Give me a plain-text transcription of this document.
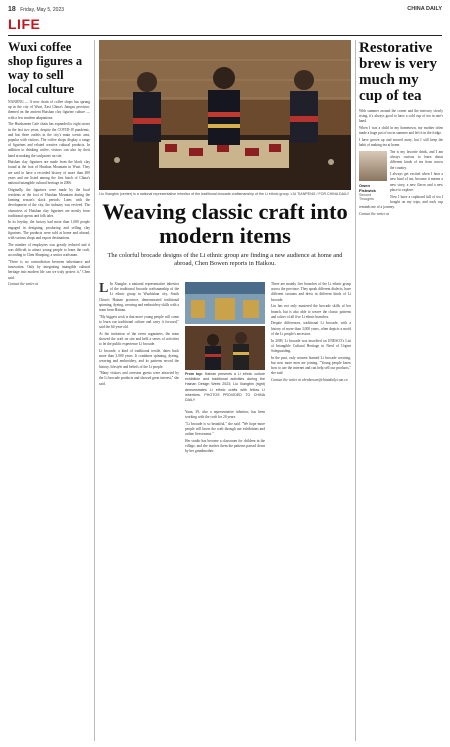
18 Friday, May 5, 2023	CHINA DAILY
LIFE
Wuxi coffee shop figures a way to sell local culture

NANJING — A new chain of coffee shops has sprung up in the city of Wuxi, East China's Jiangsu province, themed on the ancient Huishan clay figurine culture — with a few modern adaptations.

The Huishanren Cafe chain has expanded to eight stores in the last two years, despite the COVID-19 pandemic, and has three outlets in the city's main scenic area, popular with visitors. The coffee shops display a range of figurines and related creative cultural products. In addition to drinking coffee, visitors can also try their hand at making the sculptures on site.

Huishan clay figurines are made from the black clay found at the foot of Huishan Mountain in Wuxi. They are said to have a recorded history of more than 400 years and are listed among the first batch of China's national intangible cultural heritage in 2006.

Originally, the figurines were made by the local residents at the foot of Huishan Mountain during the farming season's slack periods. Later, with the development of the city, the industry was revived. The characters of Huishan clay figurines are mostly from traditional operas and folk tales.

In its heyday, the factory had more than 1,000 people engaged in designing, producing and selling clay figurines. The products were sold at home and abroad, with various shops and export destinations.

The number of employees was greatly reduced and it was difficult to attract young people to learn the craft, according to Chen Shaoping, a senior craftsman.

"There is no contradiction between inheritance and innovation. Only by integrating intangible cultural heritage into modern life can we truly protect it," Chen said.

Contact the writer at

Liu Xiangbin (center) is a national representative inheritor of the traditional brocade craftsmanship of the Li ethnic group. LIU TIANPENG / FOR CHINA DAILY
Weaving classic craft into modern items

The colorful brocade designs of the Li ethnic group are finding a new audience at home and abroad, Chen Bowen reports in Haikou.

L In Xianghe, a national representative inheritor of the traditional brocade craftsmanship of the Li ethnic group in Wuzhishan city, South China's Hainan province, demonstrated traditional spinning, dyeing, weaving and embroidery skills with a team from Hainan.

"My biggest wish is that more young people will come to learn our traditional culture and carry it forward," said the 64-year-old.

At the invitation of the event organizers, the team showed the craft on site and held a series of activities to let the public experience Li brocade.

Li brocade, a kind of traditional textile, dates back more than 3,000 years. It combines spinning, dyeing, weaving and embroidery, and its patterns record the history, lifestyle and beliefs of the Li people.

"Many visitors and overseas guests were attracted by the Li brocade products and showed great interest," she said.

From top: Hainan presents a Li ethnic culture exhibition and traditional activities during the Hainan Design Week 2023; Liu Xiangbin (right) demonstrates Li ethnic crafts with fellow Li inheritors. PHOTOS PROVIDED TO CHINA DAILY

Yuan, 39, also a representative inheritor, has been working with the craft for 20 years.

"Li brocade is so beautiful," she said. "We hope more people will know the craft through our exhibitions and online livestreams."

Her studio has become a classroom for children in the village, and she teaches them the patterns passed down by her grandmother.

There are mainly five branches of the Li ethnic group across the province. They speak different dialects, have different customs and dress in different kinds of Li brocade.

Lin has not only mastered the brocade skills of her branch, but is also able to weave the classic patterns and colors of all five Li ethnic branches.

Despite differences, traditional Li brocade, with a history of more than 3,000 years, often depicts a motif of the Li people's ancestors.

In 2009, Li brocade was inscribed on UNESCO's List of Intangible Cultural Heritage in Need of Urgent Safeguarding.

In the past, only women learned Li brocade weaving, but now more men are joining. "Young people know how to use the internet and can help sell our products," she said.

Contact the writer at chenbowen@chinadaily.com.cn

Restorative brew is very much my cup of tea

With summer around the corner and the mercury slowly rising, it's always good to have a cold cup of tea in one's hand.

When I was a child in my hometown, my mother often made a huge pot of tea in summer and left it in the fridge.

I have grown up and moved away, but I still keep the habit of making tea at home.

Owen Fishwick
Second Thoughts

Tea is my favorite drink, and I am always curious to learn about different kinds of tea from across the country.

I always get excited when I hear a new kind of tea, because it means a new story, a new flavor and a new place to explore.

Now I have a cupboard full of tea I bought on my trips, and each cup reminds me of a journey.

Contact the writer at
